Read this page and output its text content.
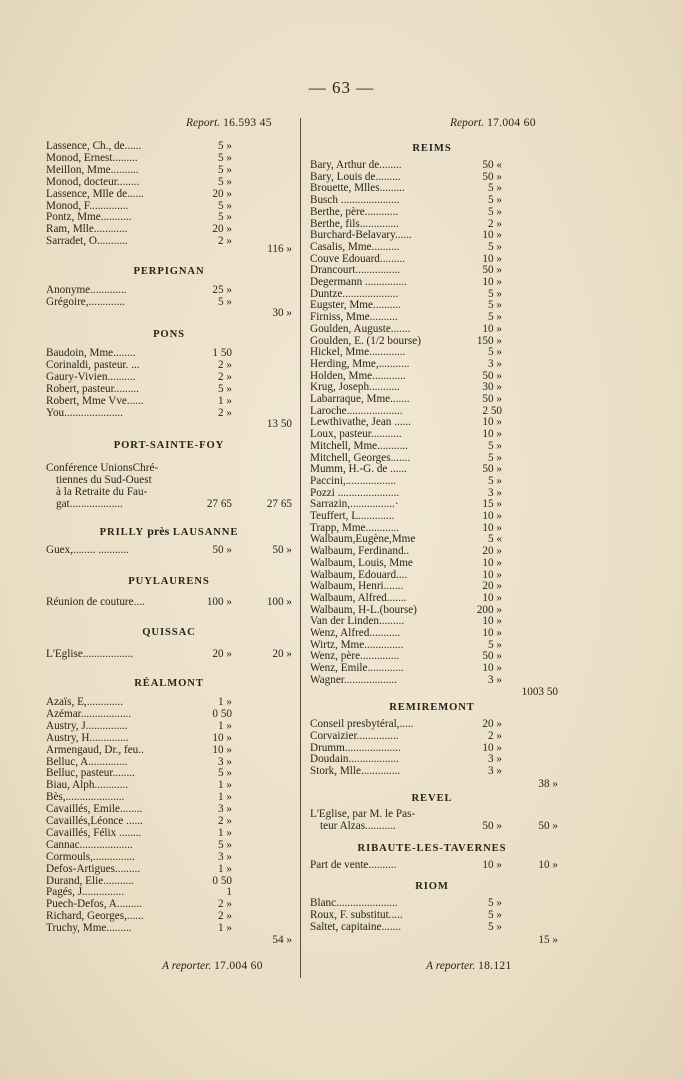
— 63 —
Report. 16.593 45
Lassence, Ch., de......	5 »
Monod, Ernest.........	5 »
Meillon, Mme..........	5 »
Monod, docteur........	5 »
Lassence, Mlle de......	20 »
Monod, F..............	5 »
Pontz, Mme...........	5 »
Ram, Mlle............	20 »
Sarradet, O...........	2 »
116 »
PERPIGNAN
Anonyme.............	25 »
Grégoire,.............	5 »
30 »
PONS
Baudoin, Mme........	1 50
Corinaldi, pasteur. ...	2 »
Gaury-Vivien..........	2 »
Robert, pasteur.........	5 »
Robert, Mme Vve......	1 »
You.....................	2 »
13 50
PORT-SAINTE-FOY
Conférence UnionsChré-
tiennes du Sud-Ouest
à la Retraite du Fau-
gat...................	27 65	27 65
PRILLY près LAUSANNE
Guex,........ ...........	50 »	50 »
PUYLAURENS
Réunion de couture....	100 »	100 »
QUISSAC
L'Eglise..................	20 »	20 »
RÉALMONT
Azaïs, E,.............	1 »
Azémar..................	0 50
Austry, J...............	1 »
Austry, H..............	10 »
Armengaud, Dr., feu..	10 »
Belluc, A..............	3 »
Belluc, pasteur........	5 »
Biau, Alph............	1 »
Bès,.....................	1 »
Cavaillés, Emile........	3 »
Cavaillés,Léonce ......	2 »
Cavaillés, Félix ........	1 »
Cannac...................	5 »
Cormouls,...............	3 »
Defos-Artigues.........	1 »
Durand, Elie...........	0 50
Pagés, J...............	1
Puech-Defos, A.........	2 »
Richard, Georges,......	2 »
Truchy, Mme.........	1 »
54 »
A reporter. 17.004 60
Report. 17.004 60
REIMS
Bary, Arthur de........	50 «
Bary, Louis de.........	50 »
Brouette, Mlles.........	5 »
Busch .....................	5 »
Berthe, père............	5 »
Berthe, fils..............	2 »
Burchard-Belavary......	10 »
Casalis, Mme..........	5 »
Couve Edouard.........	10 »
Drancourt................	50 »
Degermann ...............	10 »
Duntze....................	5 »
Eugster, Mme..........	5 »
Firniss, Mme..........	5 »
Goulden, Auguste.......	10 »
Goulden, E. (1/2 bourse)	150 »
Hickel, Mme.............	5 »
Herding, Mme,...........	3 »
Holden, Mme............	50 »
Krug, Joseph...........	30 »
Labarraque, Mme.......	50 »
Laroche....................	2 50
Lewthivathe, Jean ......	10 »
Loux, pasteur...........	10 »
Mitchell, Mme...........	5 »
Mitchell, Georges.......	5 »
Mumm, H.-G. de ......	50 »
Paccini,..................	5 »
Pozzi ......................	3 »
Sarrazin,................·	15 »
Teuffert, L.............	10 »
Trapp, Mme............	10 »
Walbaum,Eugène,Mme	5 «
Walbaum, Ferdinand..	20 »
Walbaum, Louis, Mme	10 »
Walbaum, Edouard....	10 »
Walbaum, Henri.......	20 »
Walbaum, Alfred.......	10 »
Walbaum, H-L.(bourse)	200 »
Van der Linden.........	10 »
Wenz, Alfred...........	10 »
Wirtz, Mme..............	5 »
Wenz, père..............	50 »
Wenz, Emile.............	10 »
Wagner...................	3 »
1003 50
REMIREMONT
Conseil presbytéral,.....	20 »
Corvaizier...............	2 »
Drumm....................	10 »
Doudain..................	3 »
Stork, Mlle..............	3 »
38 »
REVEL
L'Eglise, par M. le Pas-
teur Alzas...........	50 »	50 »
RIBAUTE-LES-TAVERNES
Part de vente..........	10 »	10 »
RIOM
Blanc......................	5 »
Roux, F. substitut.....	5 »
Saltet, capitaine.......	5 »
15 »
A reporter. 18.121
